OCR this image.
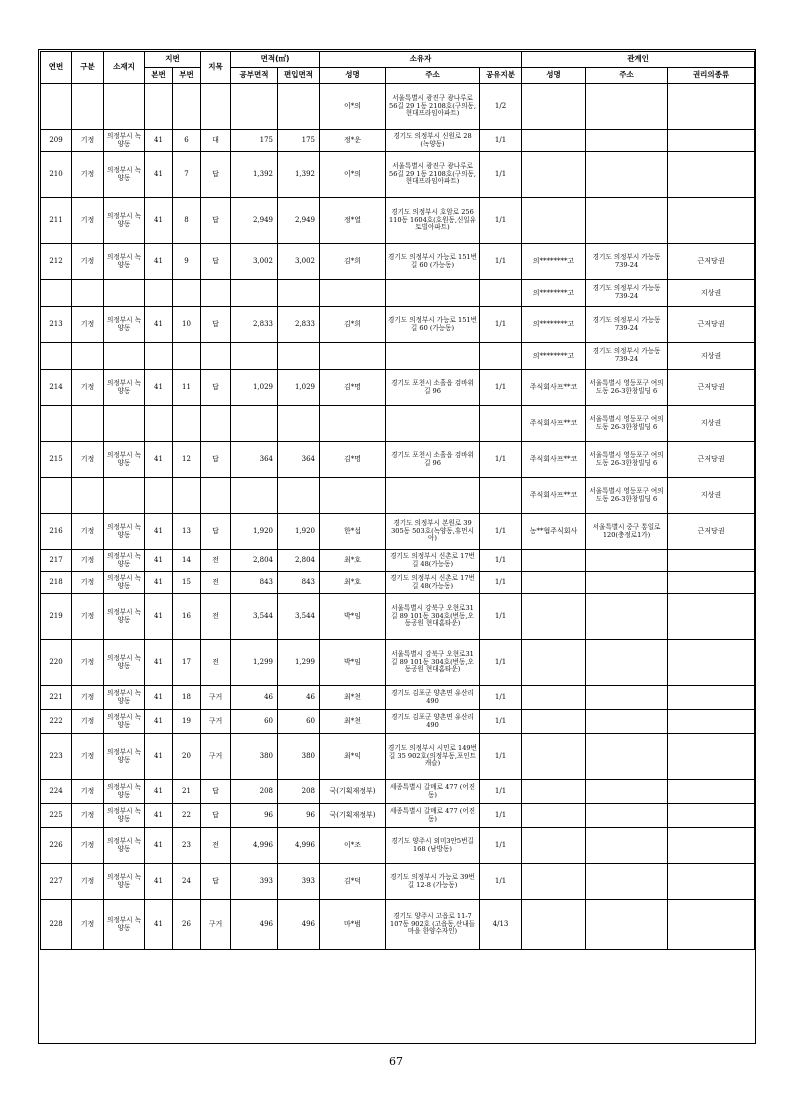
연번	구분	소재지	지번		지목	면적(㎡)		소유자			관계인		
			본번	부번		공부면적	편입면적	성명	주소	공유지분	성명	주소	권리의종류
								이*의	서울특별시 광진구 광나루로56길 29 1동 2108호(구의동,현대프라임아파트)	1/2			
209	기정	의정부시 녹양동	41	6	대	175	175	정*운	경기도 의정부시 신원로 28 (녹양동)	1/1			
210	기정	의정부시 녹양동	41	7	답	1,392	1,392	이*의	서울특별시 광진구 광나루로56길 29 1동 2108호(구의동,현대프라임아파트)	1/1			
211	기정	의정부시 녹양동	41	8	답	2,949	2,949	정*열	경기도 의정부시 호암로 256 110동 1604호(호원동,신일유토빌아파트)	1/1			
212	기정	의정부시 녹양동	41	9	답	3,002	3,002	김*희	경기도 의정부시 가능로 151번길 60 (가능동)	1/1	의********고	경기도 의정부시 가능동 739-24	근저당권
											의********고	경기도 의정부시 가능동 739-24	지상권
213	기정	의정부시 녹양동	41	10	답	2,833	2,833	김*희	경기도 의정부시 가능로 151번길 60 (가능동)	1/1	의********고	경기도 의정부시 가능동 739-24	근저당권
											의********고	경기도 의정부시 가능동 739-24	지상권
214	기정	의정부시 녹양동	41	11	답	1,029	1,029	김*명	경기도 포천시 소흘읍 검바위길 96	1/1	주식회사프**코	서울특별시 영등포구 여의도동 26-3한창빌딩 6	근저당권
											주식회사프**코	서울특별시 영등포구 여의도동 26-3한창빌딩 6	지상권
215	기정	의정부시 녹양동	41	12	답	364	364	김*명	경기도 포천시 소흘읍 검바위길 96	1/1	주식회사프**코	서울특별시 영등포구 여의도동 26-3한창빌딩 6	근저당권
											주식회사프**코	서울특별시 영등포구 여의도동 26-3한창빌딩 6	지상권
216	기정	의정부시 녹양동	41	13	답	1,920	1,920	한*섭	경기도 의정부시 본원로 39 305동 503호(녹양동,휴먼시아)	1/1	농**협주식회사	서울특별시 중구 통일로 120(충정로1가)	근저당권
217	기정	의정부시 녹양동	41	14	전	2,804	2,804	최*호	경기도 의정부시 신촌로 17번길 48(가능동)	1/1			
218	기정	의정부시 녹양동	41	15	전	843	843	최*호	경기도 의정부시 신촌로 17번길 48(가능동)	1/1			
219	기정	의정부시 녹양동	41	16	전	3,544	3,544	박*임	서울특별시 강북구 오현로31길 89 101동 304호(번동,오동공원 현대홈타운)	1/1			
220	기정	의정부시 녹양동	41	17	전	1,299	1,299	박*임	서울특별시 강북구 오현로31길 89 101동 304호(번동,오동공원 현대홈타운)	1/1			
221	기정	의정부시 녹양동	41	18	구거	46	46	최*천	경기도 김포군 양촌면 유산리 490	1/1			
222	기정	의정부시 녹양동	41	19	구거	60	60	최*천	경기도 김포군 양촌면 유산리 490	1/1			
223	기정	의정부시 녹양동	41	20	구거	380	380	최*익	경기도 의정부시 시민로 149번길 35 902호(의정부동,포인트캐슬)	1/1			
224	기정	의정부시 녹양동	41	21	답	208	208	국(기획재정부)	세종특별시 갈매로 477 (어진동)	1/1			
225	기정	의정부시 녹양동	41	22	답	96	96	국(기획재정부)	세종특별시 갈매로 477 (어진동)	1/1			
226	기정	의정부시 녹양동	41	23	전	4,996	4,996	이*조	경기도 양주시 외미3안5번길 168 (남방동)	1/1			
227	기정	의정부시 녹양동	41	24	답	393	393	김*덕	경기도 의정부시 가능로 39번길 12-8 (가능동)	1/1			
228	기정	의정부시 녹양동	41	26	구거	496	496	마*범	경기도 양주시 고읍로 11-7 107동 902호 (고읍동,산내들마을 한양수자인)	4/13			
67
